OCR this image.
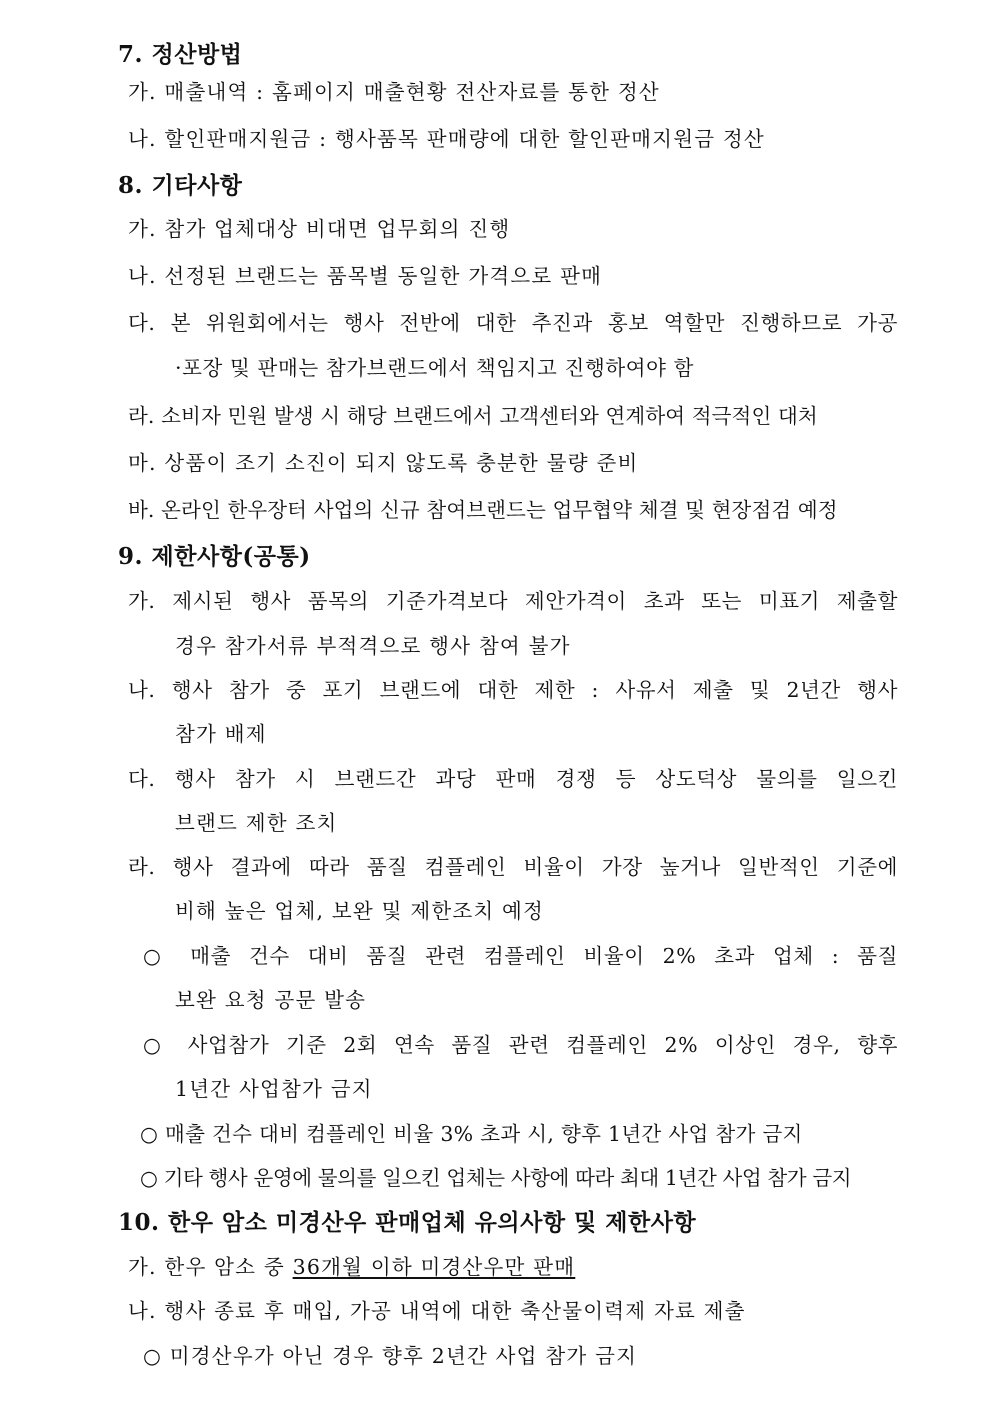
7. 정산방법
가. 매출내역 : 홈페이지 매출현황 전산자료를 통한 정산
나. 할인판매지원금 : 행사품목 판매량에 대한 할인판매지원금 정산
8. 기타사항
가. 참가 업체대상 비대면 업무회의 진행
나. 선정된 브랜드는 품목별 동일한 가격으로 판매
다. 본 위원회에서는 행사 전반에 대한 추진과 홍보 역할만 진행하므로 가공
·포장 및 판매는 참가브랜드에서 책임지고 진행하여야 함
라. 소비자 민원 발생 시 해당 브랜드에서 고객센터와 연계하여 적극적인 대처
마. 상품이 조기 소진이 되지 않도록 충분한 물량 준비
바. 온라인 한우장터 사업의 신규 참여브랜드는 업무협약 체결 및 현장점검 예정
9. 제한사항(공통)
가. 제시된 행사 품목의 기준가격보다 제안가격이 초과 또는 미표기 제출할
경우 참가서류 부적격으로 행사 참여 불가
나. 행사 참가 중 포기 브랜드에 대한 제한 : 사유서 제출 및 2년간 행사
참가 배제
다. 행사 참가 시 브랜드간 과당 판매 경쟁 등 상도덕상 물의를 일으킨
브랜드 제한 조치
라. 행사 결과에 따라 품질 컴플레인 비율이 가장 높거나 일반적인 기준에
비해 높은 업체, 보완 및 제한조치 예정
○ 매출 건수 대비 품질 관련 컴플레인 비율이 2% 초과 업체 : 품질
보완 요청 공문 발송
○ 사업참가 기준 2회 연속 품질 관련 컴플레인 2% 이상인 경우, 향후
1년간 사업참가 금지
○ 매출 건수 대비 컴플레인 비율 3% 초과 시, 향후 1년간 사업 참가 금지
○ 기타 행사 운영에 물의를 일으킨 업체는 사항에 따라 최대 1년간 사업 참가 금지
10. 한우 암소 미경산우 판매업체 유의사항 및 제한사항
가. 한우 암소 중 36개월 이하 미경산우만 판매
나. 행사 종료 후 매입, 가공 내역에 대한 축산물이력제 자료 제출
○ 미경산우가 아닌 경우 향후 2년간 사업 참가 금지
